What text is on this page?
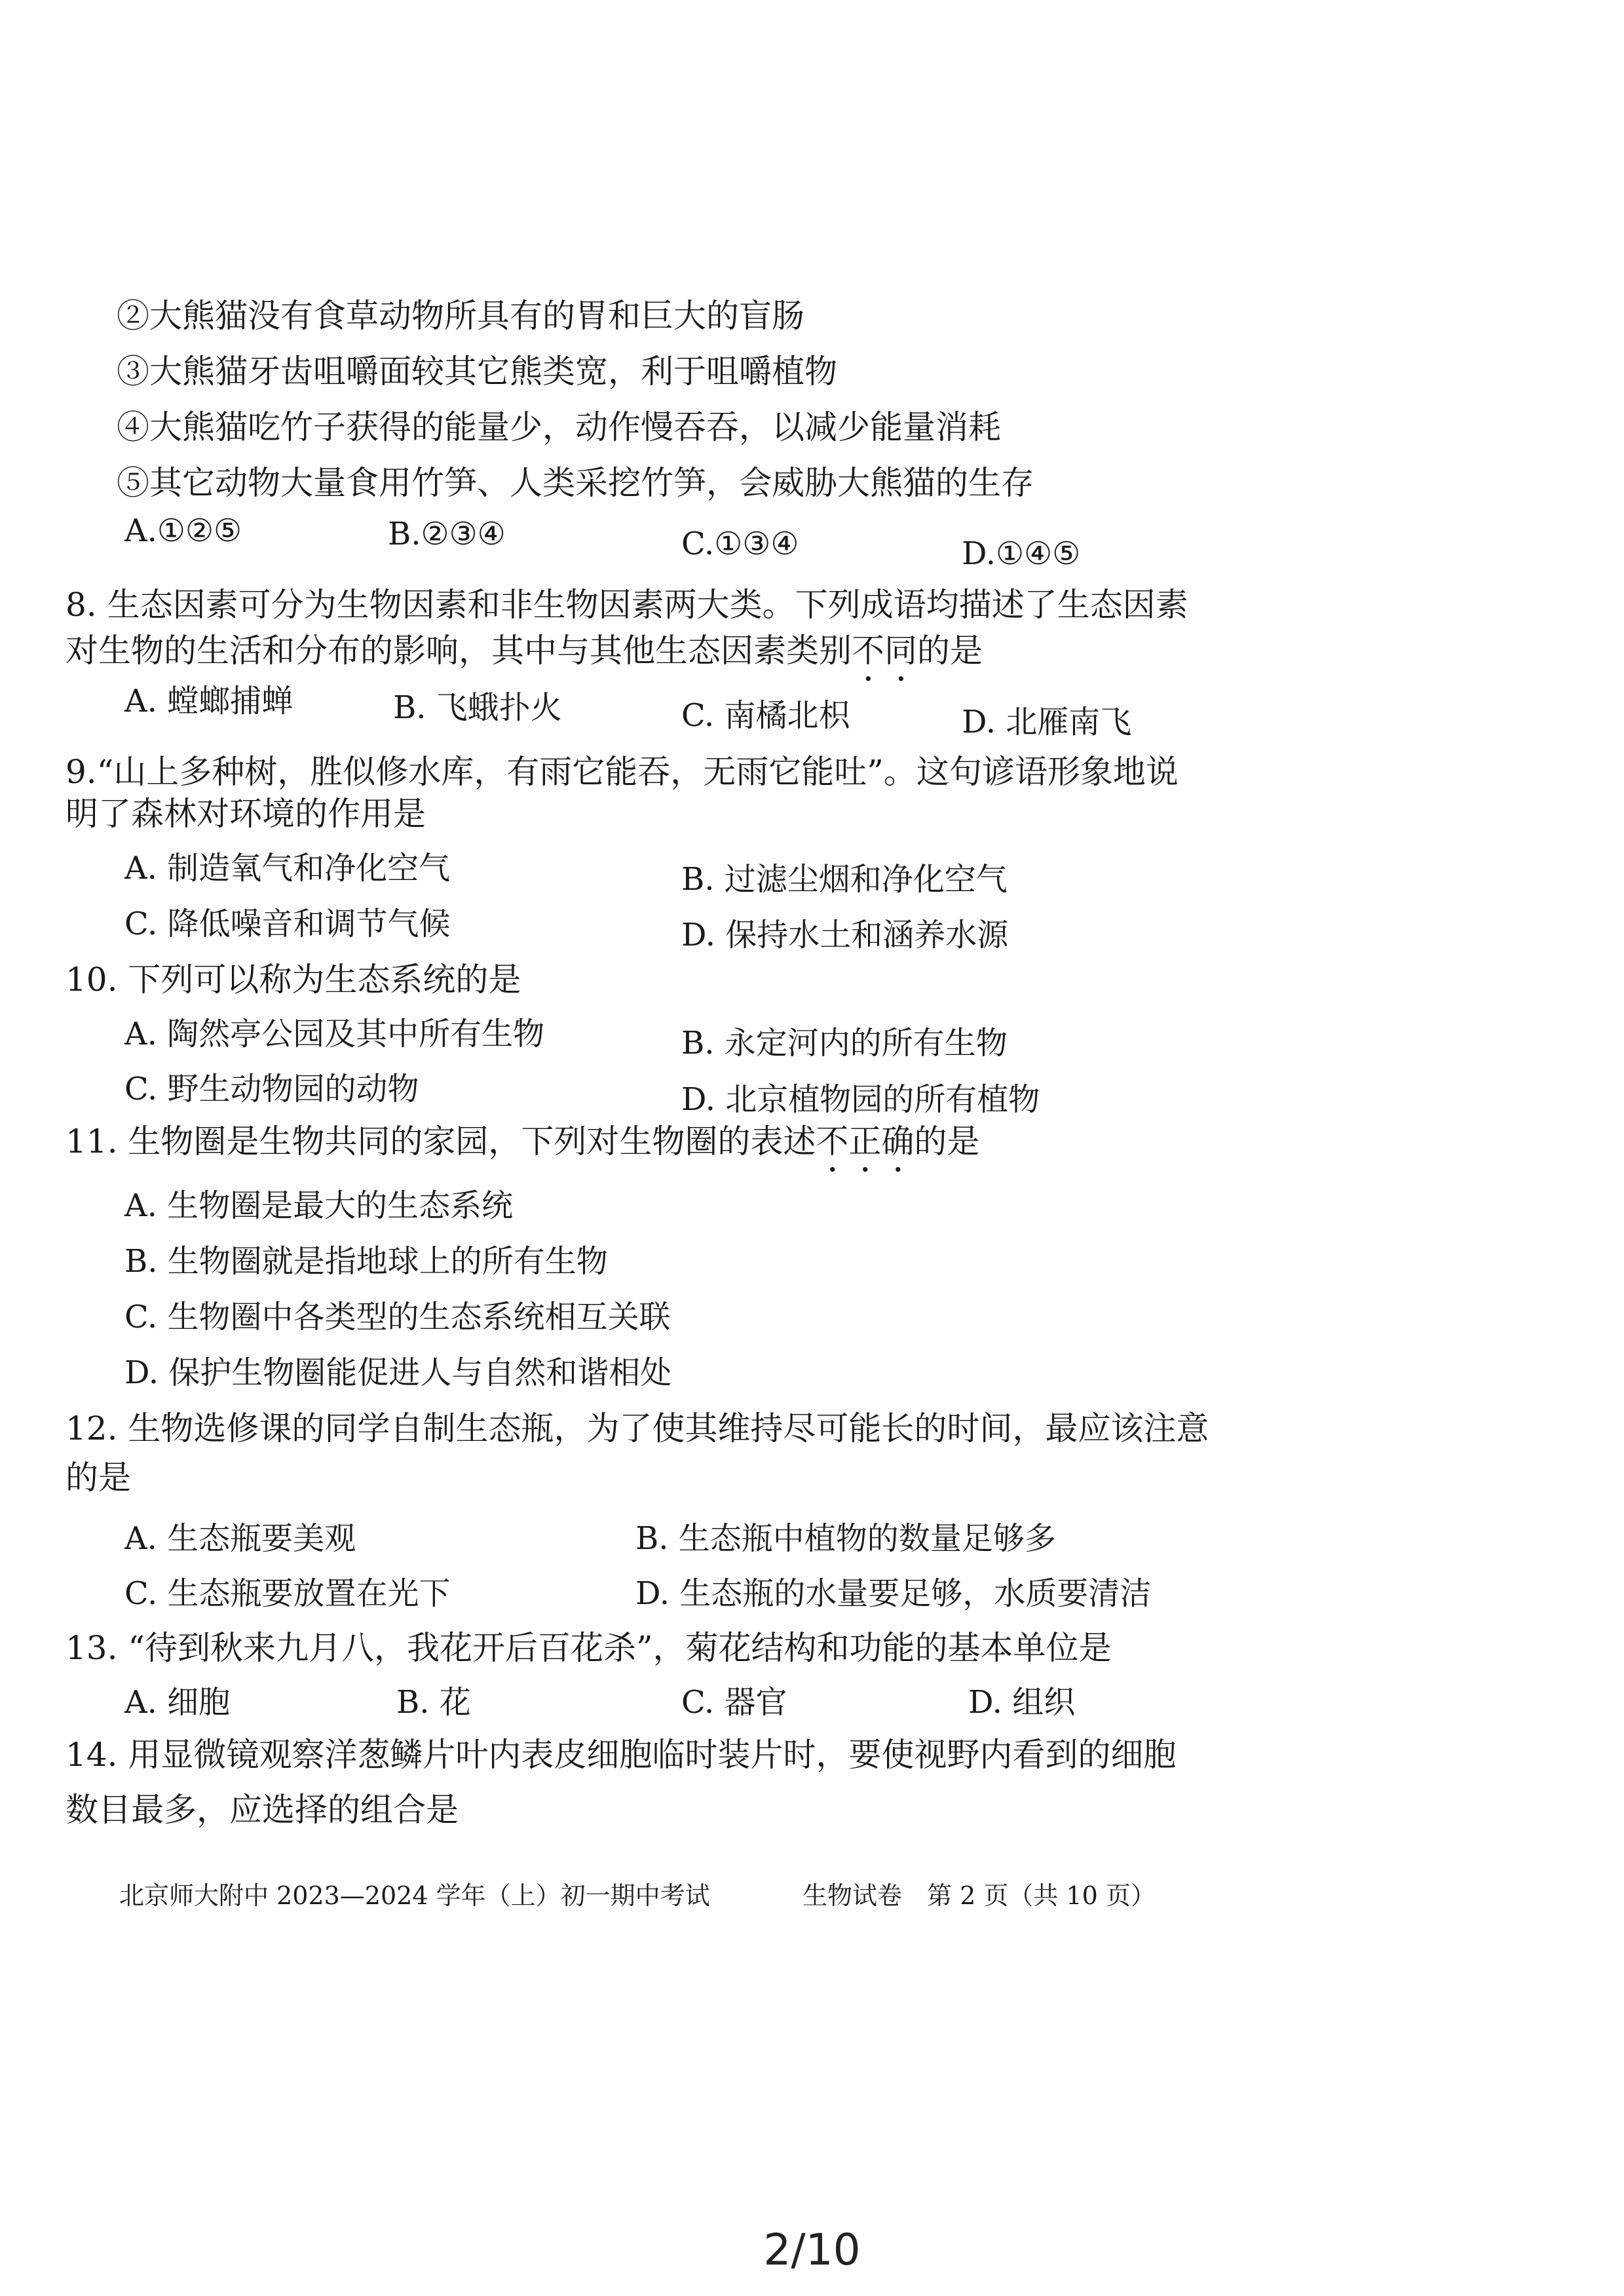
②大熊猫没有食草动物所具有的胃和巨大的盲肠
③大熊猫牙齿咀嚼面较其它熊类宽，利于咀嚼植物
④大熊猫吃竹子获得的能量少，动作慢吞吞，以减少能量消耗
⑤其它动物大量食用竹笋、人类采挖竹笋，会威胁大熊猫的生存
A.①②⑤	B.②③④	C.①③④	D.①④⑤
8. 生态因素可分为生物因素和非生物因素两大类。下列成语均描述了生态因素
对生物的生活和分布的影响，其中与其他生态因素类别不同的是
A. 螳螂捕蝉	B. 飞蛾扑火	C. 南橘北枳	D. 北雁南飞
9.“山上多种树，胜似修水库，有雨它能吞，无雨它能吐”。这句谚语形象地说
明了森林对环境的作用是
A. 制造氧气和净化空气	B. 过滤尘烟和净化空气
C. 降低噪音和调节气候	D. 保持水土和涵养水源
10. 下列可以称为生态系统的是
A. 陶然亭公园及其中所有生物	B. 永定河内的所有生物
C. 野生动物园的动物	D. 北京植物园的所有植物
11. 生物圈是生物共同的家园，下列对生物圈的表述不正确的是
A. 生物圈是最大的生态系统
B. 生物圈就是指地球上的所有生物
C. 生物圈中各类型的生态系统相互关联
D. 保护生物圈能促进人与自然和谐相处
12. 生物选修课的同学自制生态瓶，为了使其维持尽可能长的时间，最应该注意
的是
A. 生态瓶要美观	B. 生态瓶中植物的数量足够多
C. 生态瓶要放置在光下	D. 生态瓶的水量要足够，水质要清洁
13. “待到秋来九月八，我花开后百花杀”，菊花结构和功能的基本单位是
A. 细胞	B. 花	C. 器官	D. 组织
14. 用显微镜观察洋葱鳞片叶内表皮细胞临时装片时，要使视野内看到的细胞
数目最多，应选择的组合是
北京师大附中 2023—2024 学年（上）初一期中考试	生物试卷　第 2 页（共 10 页）
2/10
